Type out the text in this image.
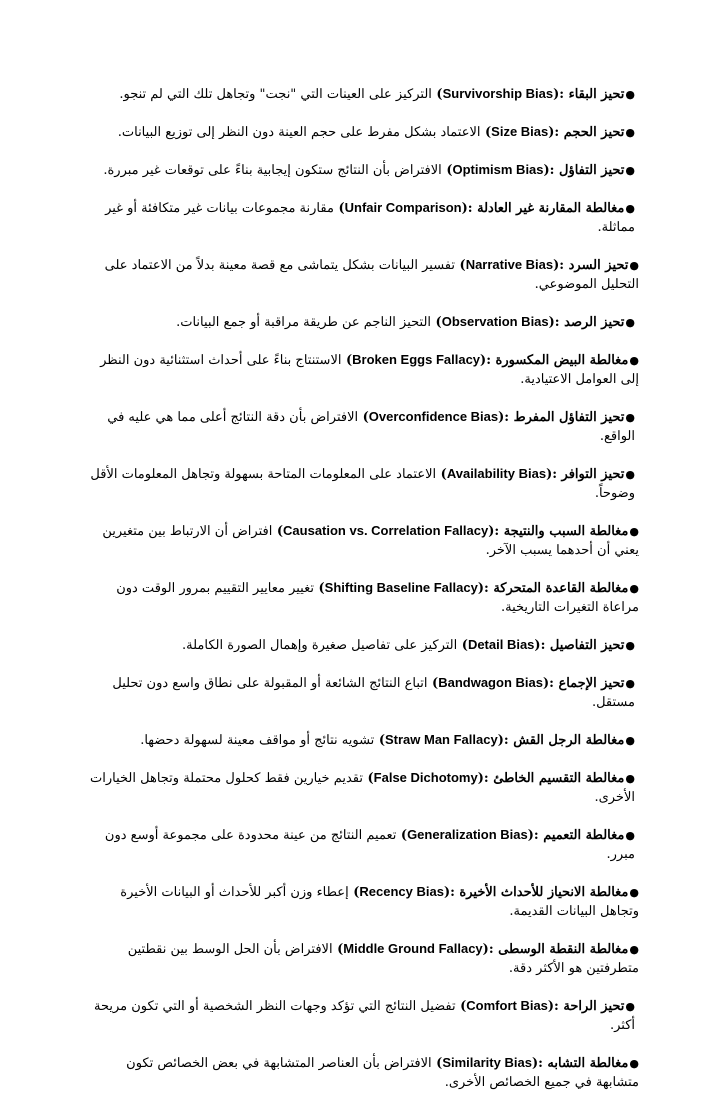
●تحيز البقاء :(Survivorship Bias) التركيز على العينات التي "نجت" وتجاهل تلك التي لم تنجو.

●تحيز الحجم :(Size Bias) الاعتماد بشكل مفرط على حجم العينة دون النظر إلى توزيع البيانات.

●تحيز التفاؤل :(Optimism Bias) الافتراض بأن النتائج ستكون إيجابية بناءً على توقعات غير مبررة.

●مغالطة المقارنة غير العادلة :(Unfair Comparison) مقارنة مجموعات بيانات غير متكافئة أو غير مماثلة.

●تحيز السرد :(Narrative Bias) تفسير البيانات بشكل يتماشى مع قصة معينة بدلاً من الاعتماد على التحليل الموضوعي.

●تحيز الرصد :(Observation Bias) التحيز الناجم عن طريقة مراقبة أو جمع البيانات.

●مغالطة البيض المكسورة :(Broken Eggs Fallacy) الاستنتاج بناءً على أحداث استثنائية دون النظر إلى العوامل الاعتيادية.

●تحيز التفاؤل المفرط :(Overconfidence Bias) الافتراض بأن دقة النتائج أعلى مما هي عليه في الواقع.

●تحيز التوافر :(Availability Bias) الاعتماد على المعلومات المتاحة بسهولة وتجاهل المعلومات الأقل وضوحاً.

●مغالطة السبب والنتيجة :(Causation vs. Correlation Fallacy) افتراض أن الارتباط بين متغيرين يعني أن أحدهما يسبب الآخر.

●مغالطة القاعدة المتحركة :(Shifting Baseline Fallacy) تغيير معايير التقييم بمرور الوقت دون مراعاة التغيرات التاريخية.

●تحيز التفاصيل :(Detail Bias) التركيز على تفاصيل صغيرة وإهمال الصورة الكاملة.

●تحيز الإجماع :(Bandwagon Bias) اتباع النتائج الشائعة أو المقبولة على نطاق واسع دون تحليل مستقل.

●مغالطة الرجل القش :(Straw Man Fallacy) تشويه نتائج أو مواقف معينة لسهولة دحضها.

●مغالطة التقسيم الخاطئ :(False Dichotomy) تقديم خيارين فقط كحلول محتملة وتجاهل الخيارات الأخرى.

●مغالطة التعميم :(Generalization Bias) تعميم النتائج من عينة محدودة على مجموعة أوسع دون مبرر.

●مغالطة الانحياز للأحداث الأخيرة :(Recency Bias) إعطاء وزن أكبر للأحداث أو البيانات الأخيرة وتجاهل البيانات القديمة.

●مغالطة النقطة الوسطى :(Middle Ground Fallacy) الافتراض بأن الحل الوسط بين نقطتين متطرفتين هو الأكثر دقة.

●تحيز الراحة :(Comfort Bias) تفضيل النتائج التي تؤكد وجهات النظر الشخصية أو التي تكون مريحة أكثر.

●مغالطة التشابه :(Similarity Bias) الافتراض بأن العناصر المتشابهة في بعض الخصائص تكون متشابهة في جميع الخصائص الأخرى.
